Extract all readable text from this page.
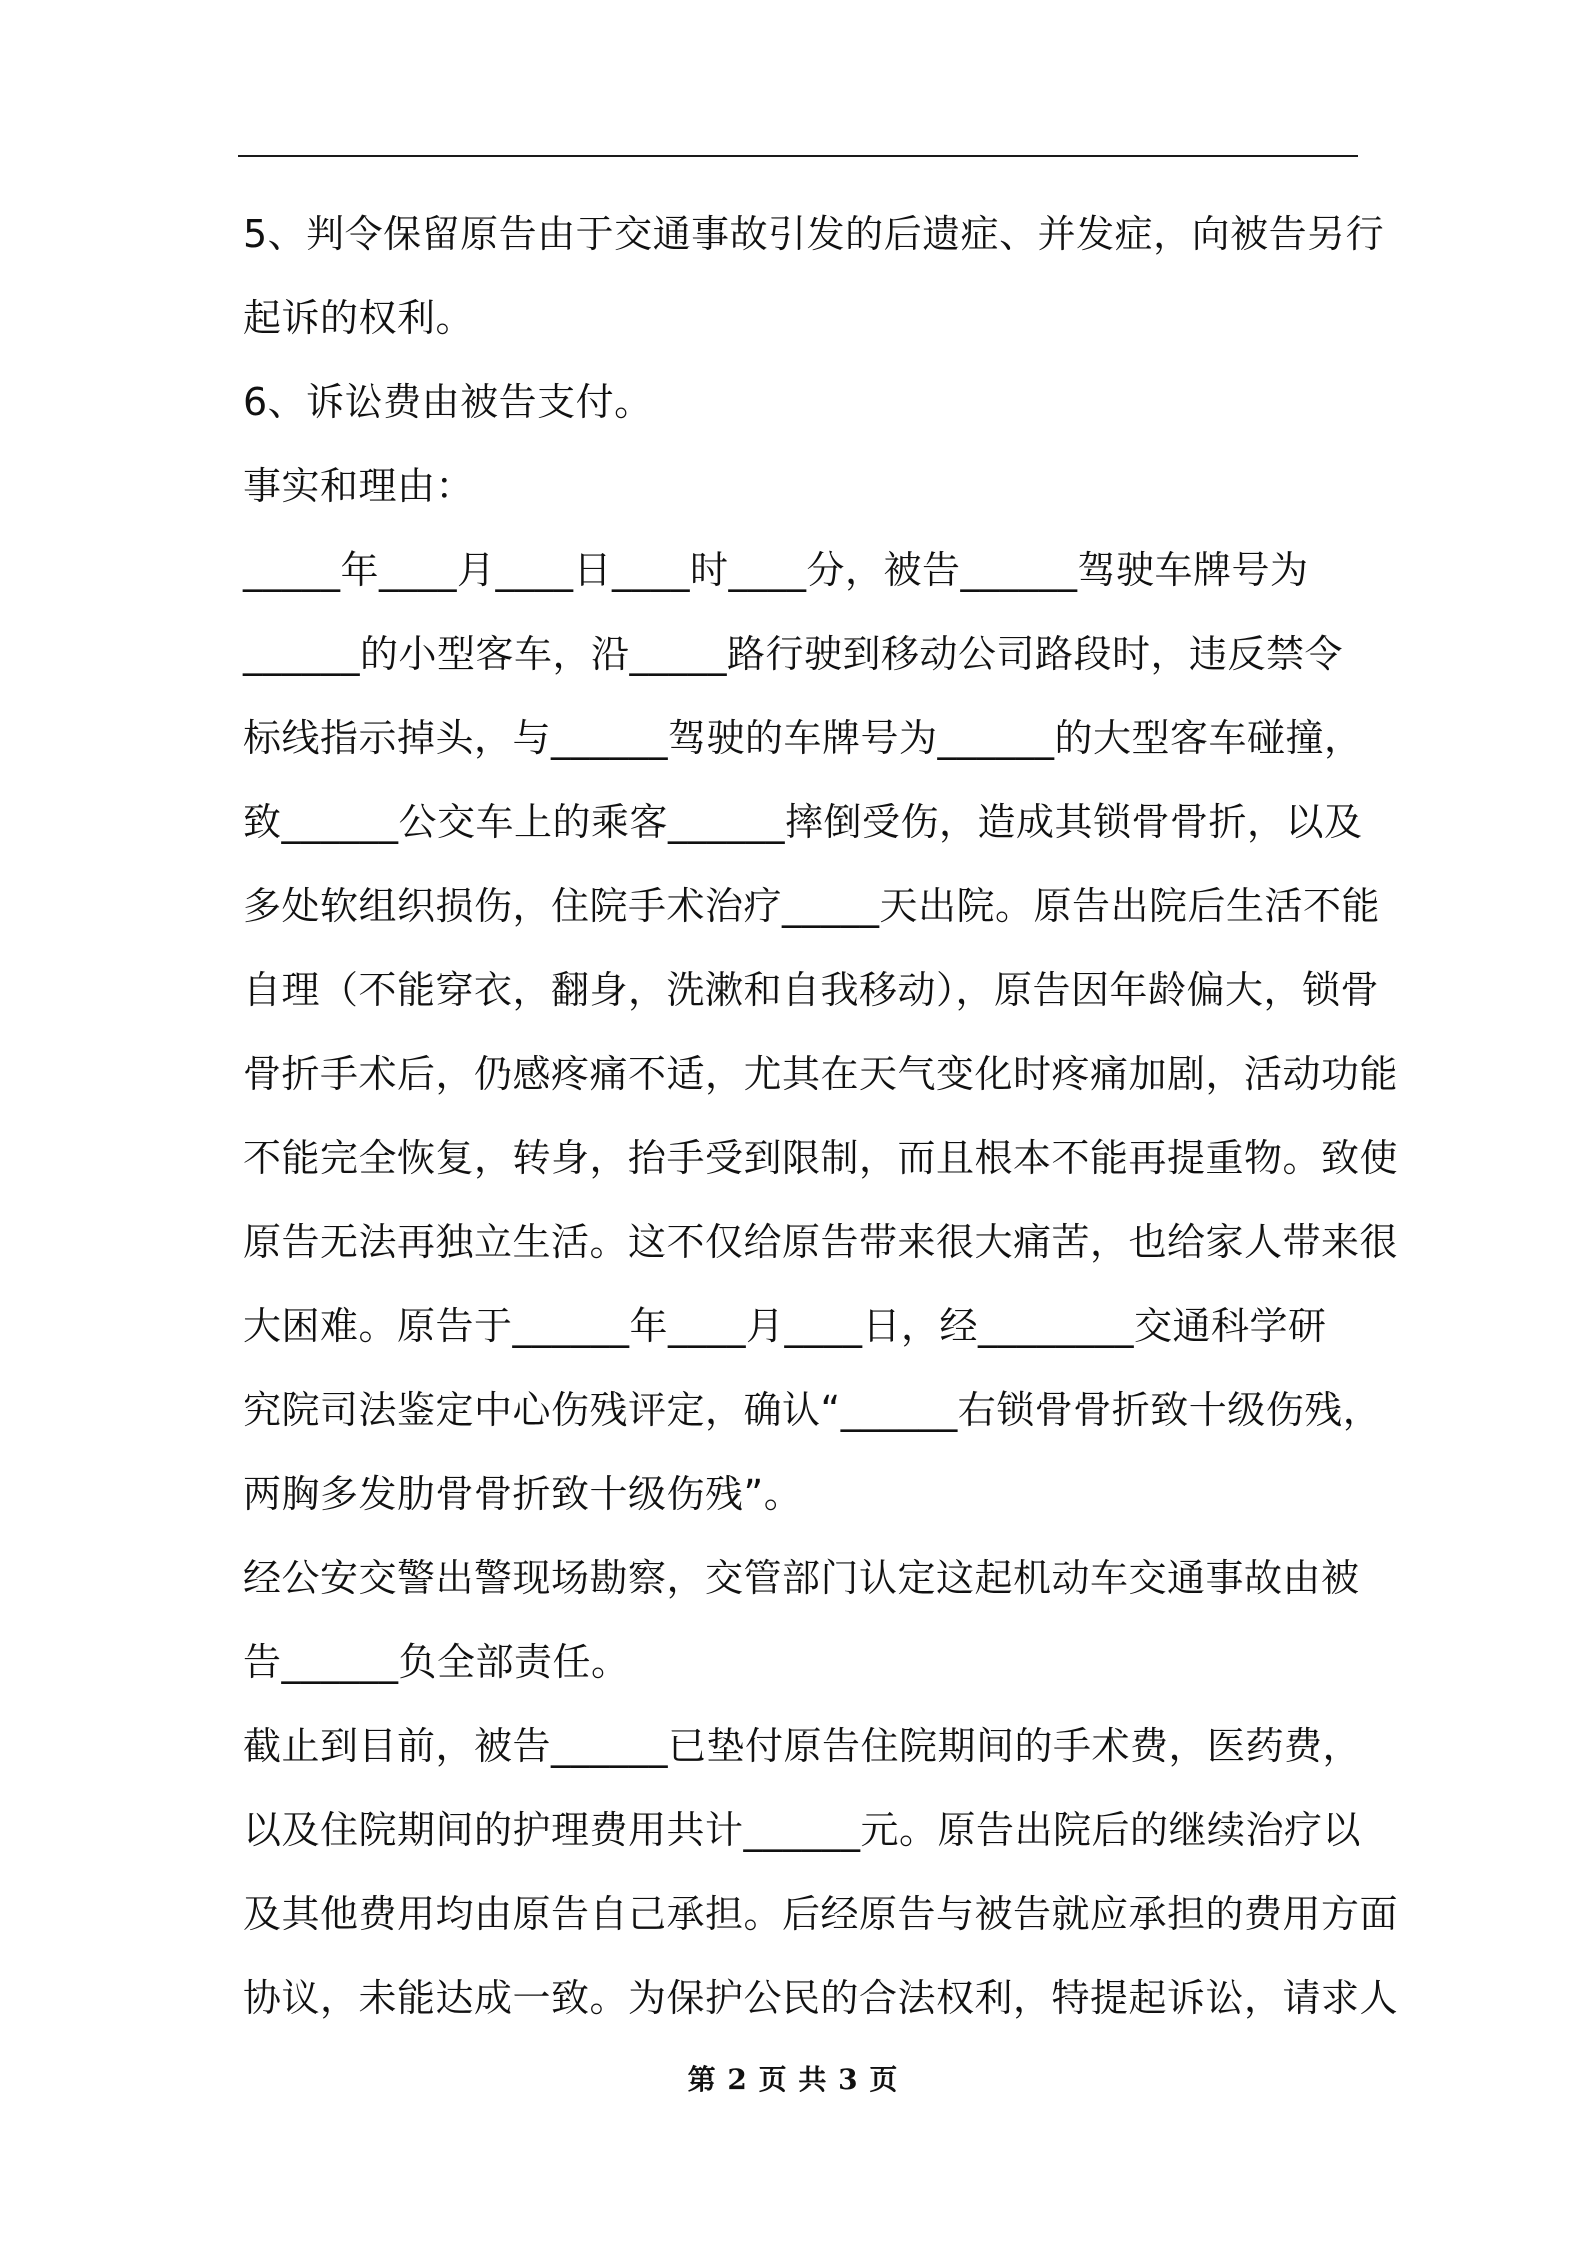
5、判令保留原告由于交通事故引发的后遗症、并发症，向被告另行
起诉的权利。
6、诉讼费由被告支付。
事实和理由：
_____年____月____日____时____分，被告______驾驶车牌号为
______的小型客车，沿_____路行驶到移动公司路段时，违反禁令
标线指示掉头，与______驾驶的车牌号为______的大型客车碰撞，
致______公交车上的乘客______摔倒受伤，造成其锁骨骨折，以及
多处软组织损伤，住院手术治疗_____天出院。原告出院后生活不能
自理（不能穿衣，翻身，洗漱和自我移动），原告因年龄偏大，锁骨
骨折手术后，仍感疼痛不适，尤其在天气变化时疼痛加剧，活动功能
不能完全恢复，转身，抬手受到限制，而且根本不能再提重物。致使
原告无法再独立生活。这不仅给原告带来很大痛苦，也给家人带来很
大困难。原告于______年____月____日，经________交通科学研
究院司法鉴定中心伤残评定，确认“______右锁骨骨折致十级伤残，
两胸多发肋骨骨折致十级伤残”。
经公安交警出警现场勘察，交管部门认定这起机动车交通事故由被
告______负全部责任。
截止到目前，被告______已垫付原告住院期间的手术费，医药费，
以及住院期间的护理费用共计______元。原告出院后的继续治疗以
及其他费用均由原告自己承担。后经原告与被告就应承担的费用方面
协议，未能达成一致。为保护公民的合法权利，特提起诉讼，请求人
第 2 页 共 3 页
